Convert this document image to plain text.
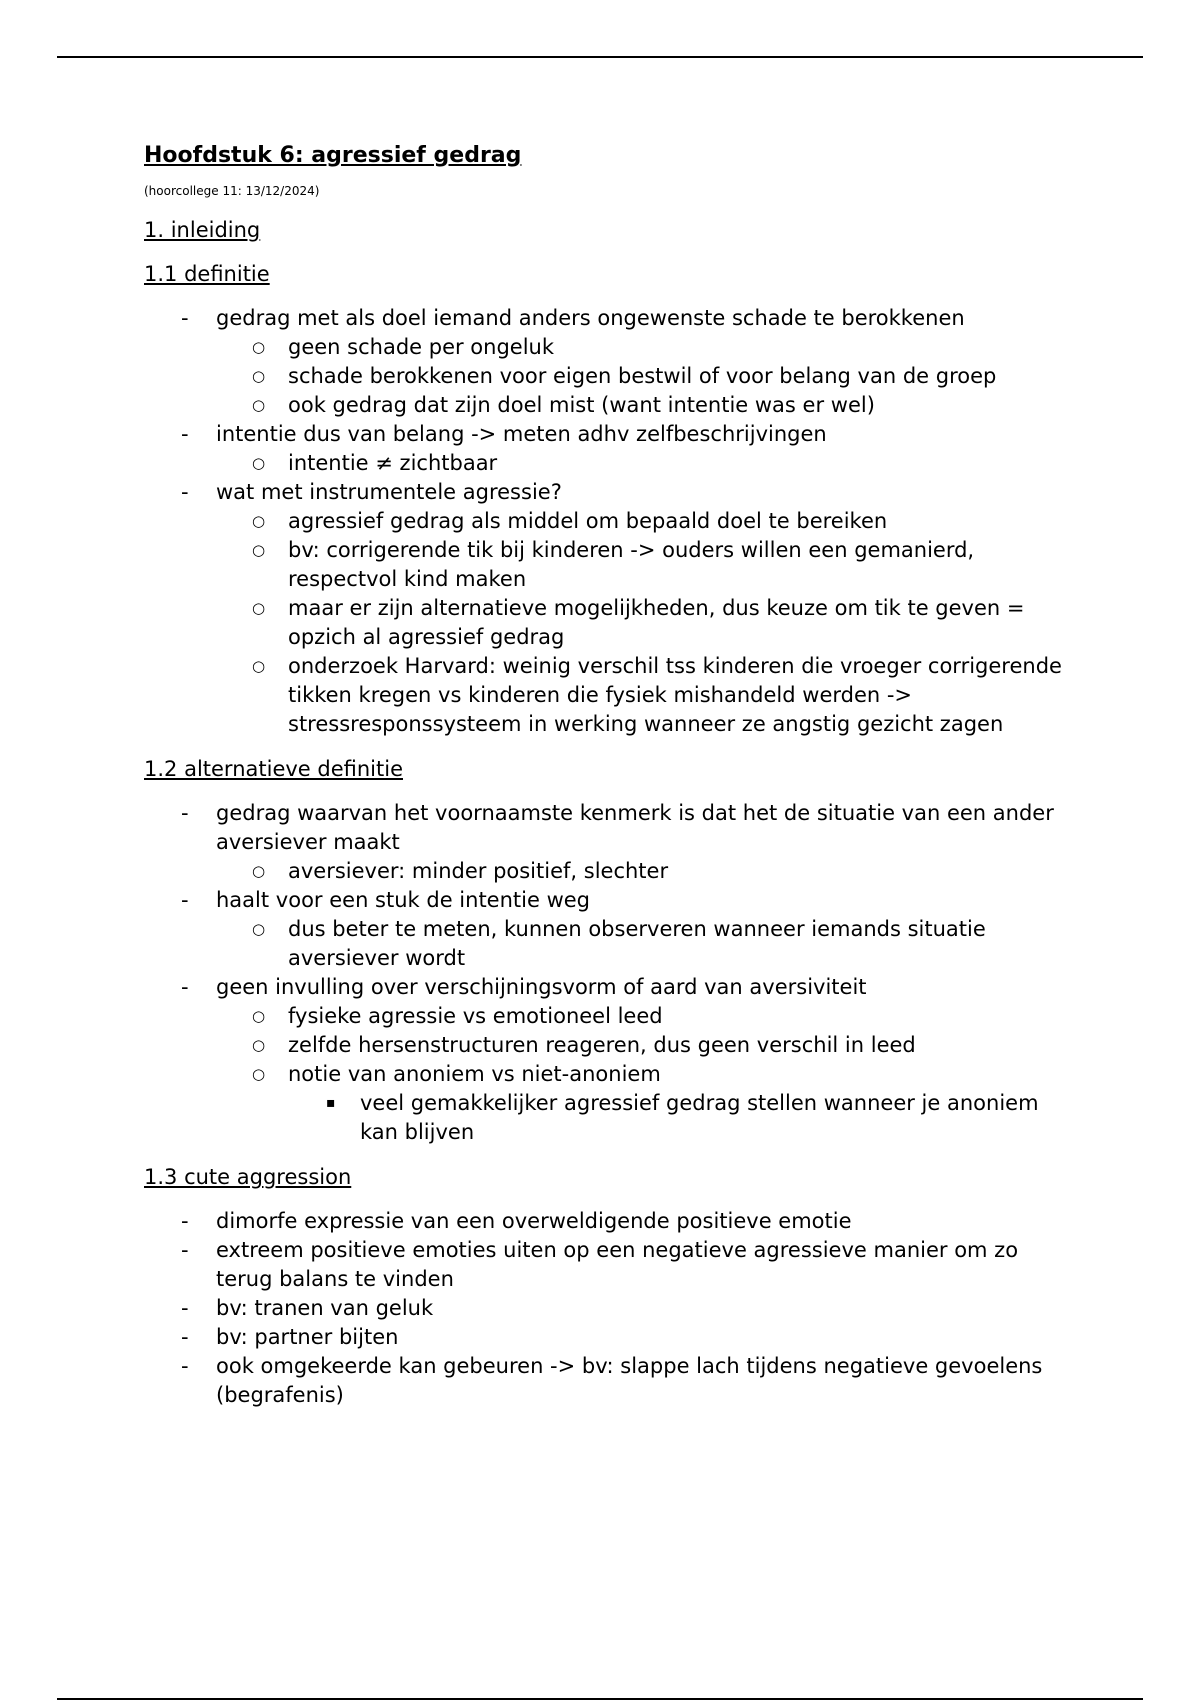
Hoofdstuk 6: agressief gedrag

(hoorcollege 11: 13/12/2024)

1. inleiding

1.1 definitie

- gedrag met als doel iemand anders ongewenste schade te berokkenen
○ geen schade per ongeluk
○ schade berokkenen voor eigen bestwil of voor belang van de groep
○ ook gedrag dat zijn doel mist (want intentie was er wel)
- intentie dus van belang -> meten adhv zelfbeschrijvingen
○ intentie ≠ zichtbaar
- wat met instrumentele agressie?
○ agressief gedrag als middel om bepaald doel te bereiken
○ bv: corrigerende tik bij kinderen -> ouders willen een gemanierd, respectvol kind maken
○ maar er zijn alternatieve mogelijkheden, dus keuze om tik te geven = opzich al agressief gedrag
○ onderzoek Harvard: weinig verschil tss kinderen die vroeger corrigerende tikken kregen vs kinderen die fysiek mishandeld werden -> stressresponssysteem in werking wanneer ze angstig gezicht zagen

1.2 alternatieve definitie

- gedrag waarvan het voornaamste kenmerk is dat het de situatie van een ander aversiever maakt
○ aversiever: minder positief, slechter
- haalt voor een stuk de intentie weg
○ dus beter te meten, kunnen observeren wanneer iemands situatie aversiever wordt
- geen invulling over verschijningsvorm of aard van aversiviteit
○ fysieke agressie vs emotioneel leed
○ zelfde hersenstructuren reageren, dus geen verschil in leed
○ notie van anoniem vs niet-anoniem
▪ veel gemakkelijker agressief gedrag stellen wanneer je anoniem kan blijven

1.3 cute aggression

- dimorfe expressie van een overweldigende positieve emotie
- extreem positieve emoties uiten op een negatieve agressieve manier om zo terug balans te vinden
- bv: tranen van geluk
- bv: partner bijten
- ook omgekeerde kan gebeuren -> bv: slappe lach tijdens negatieve gevoelens (begrafenis)
